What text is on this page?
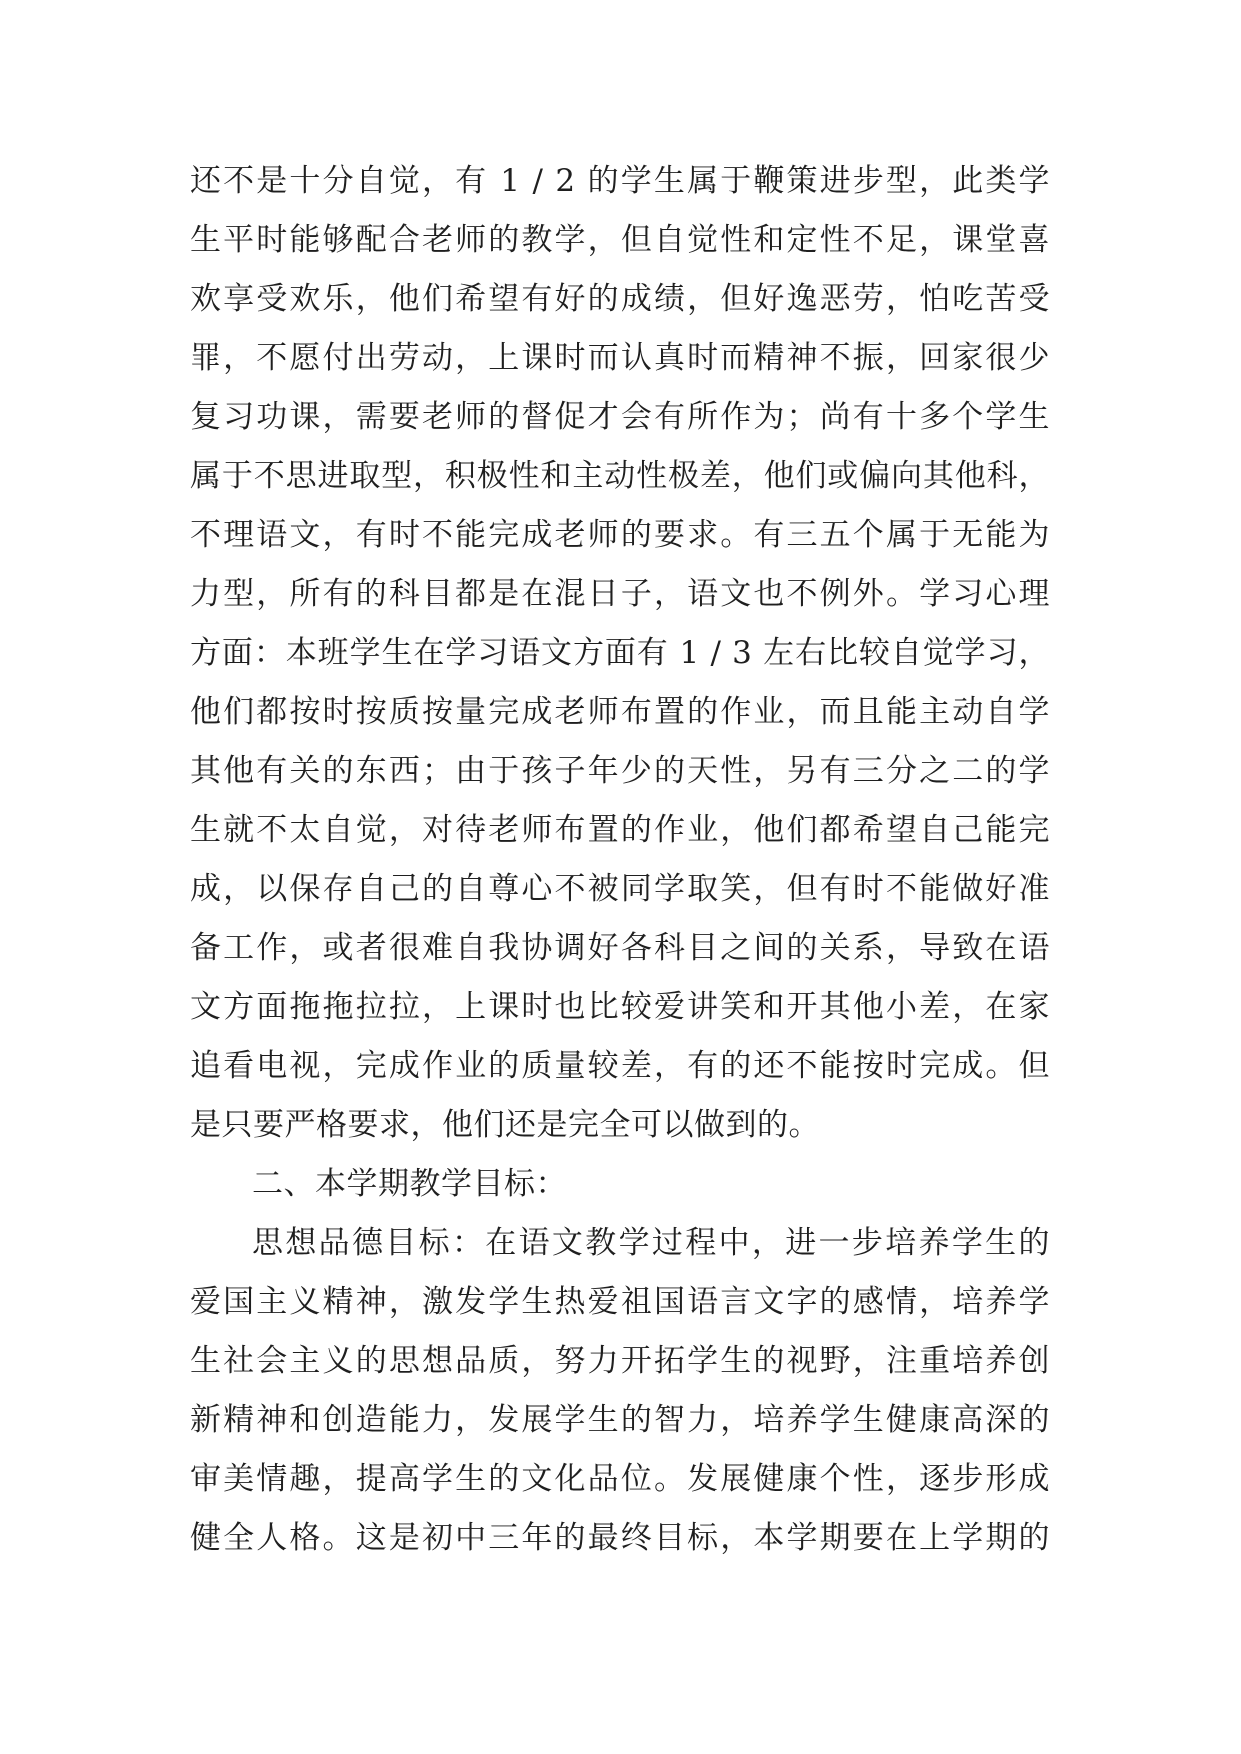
还不是十分自觉，有 1 / 2 的学生属于鞭策进步型，此类学
生平时能够配合老师的教学，但自觉性和定性不足，课堂喜
欢享受欢乐，他们希望有好的成绩，但好逸恶劳，怕吃苦受
罪，不愿付出劳动，上课时而认真时而精神不振，回家很少
复习功课，需要老师的督促才会有所作为；尚有十多个学生
属于不思进取型，积极性和主动性极差，他们或偏向其他科，
不理语文，有时不能完成老师的要求。有三五个属于无能为
力型，所有的科目都是在混日子，语文也不例外。学习心理
方面：本班学生在学习语文方面有 1 / 3 左右比较自觉学习，
他们都按时按质按量完成老师布置的作业，而且能主动自学
其他有关的东西；由于孩子年少的天性，另有三分之二的学
生就不太自觉，对待老师布置的作业，他们都希望自己能完
成，以保存自己的自尊心不被同学取笑，但有时不能做好准
备工作，或者很难自我协调好各科目之间的关系，导致在语
文方面拖拖拉拉，上课时也比较爱讲笑和开其他小差，在家
追看电视，完成作业的质量较差，有的还不能按时完成。但
是只要严格要求，他们还是完全可以做到的。
二、本学期教学目标：
思想品德目标：在语文教学过程中，进一步培养学生的
爱国主义精神，激发学生热爱祖国语言文字的感情，培养学
生社会主义的思想品质，努力开拓学生的视野，注重培养创
新精神和创造能力，发展学生的智力，培养学生健康高深的
审美情趣，提高学生的文化品位。发展健康个性，逐步形成
健全人格。这是初中三年的最终目标，本学期要在上学期的
